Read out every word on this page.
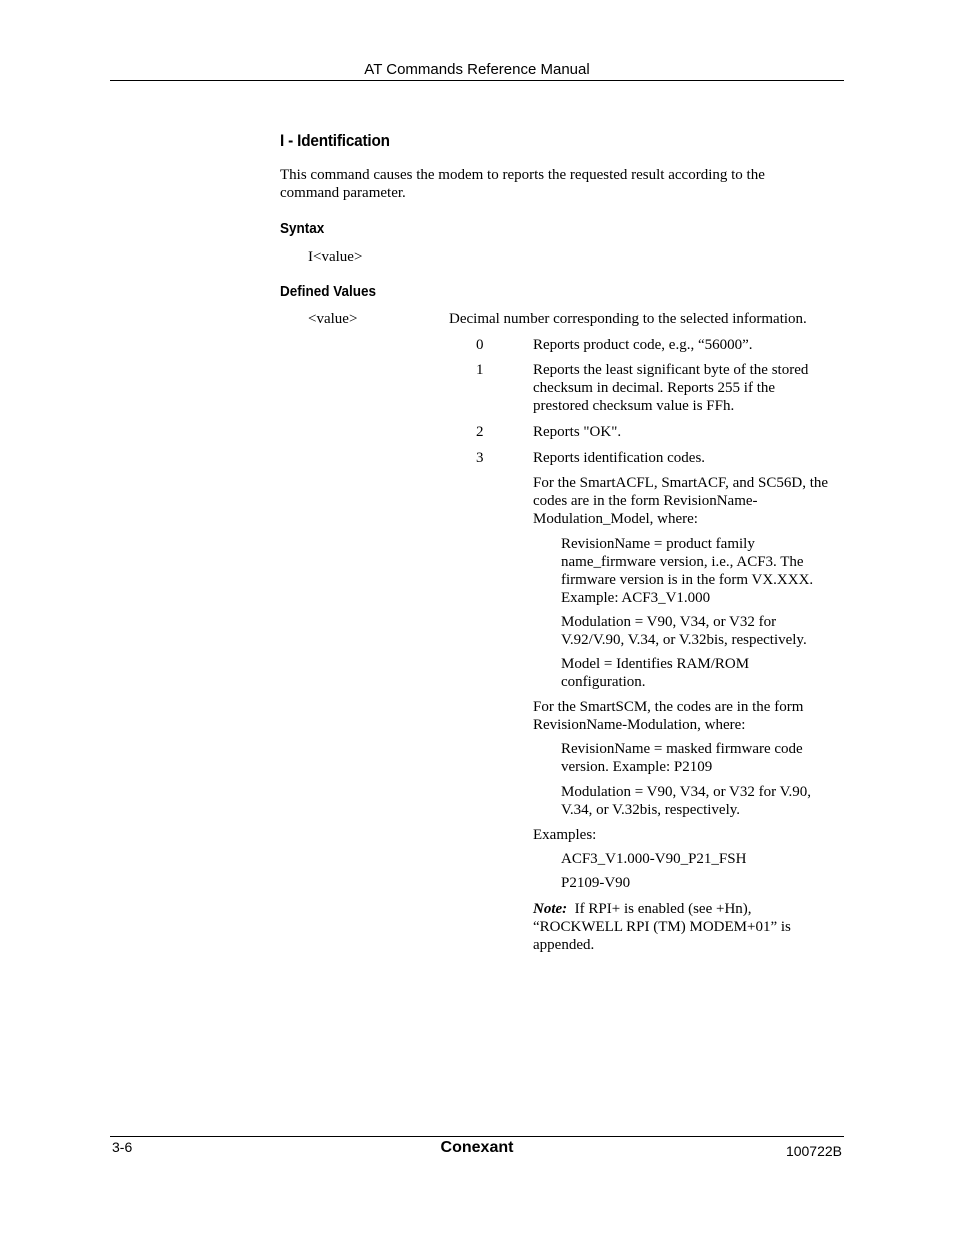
AT Commands Reference Manual
I - Identification
This command causes the modem to reports the requested result according to the command parameter.
Syntax
I<value>
Defined Values
<value>	Decimal number corresponding to the selected information.
0	Reports product code, e.g., “56000”.
1	Reports the least significant byte of the stored checksum in decimal. Reports 255 if the prestored checksum value is FFh.
2	Reports "OK".
3	Reports identification codes.
For the SmartACFL, SmartACF, and SC56D, the codes are in the form RevisionName-Modulation_Model, where:
RevisionName = product family name_firmware version, i.e., ACF3. The firmware version is in the form VX.XXX. Example: ACF3_V1.000
Modulation = V90, V34, or V32 for V.92/V.90, V.34, or V.32bis, respectively.
Model = Identifies RAM/ROM configuration.
For the SmartSCM, the codes are in the form RevisionName-Modulation, where:
RevisionName = masked firmware code version. Example: P2109
Modulation = V90, V34, or V32 for V.90, V.34, or V.32bis, respectively.
Examples:
ACF3_V1.000-V90_P21_FSH
P2109-V90
Note: If RPI+ is enabled (see +Hn), “ROCKWELL RPI (TM) MODEM+01” is appended.
3-6	Conexant	100722B
